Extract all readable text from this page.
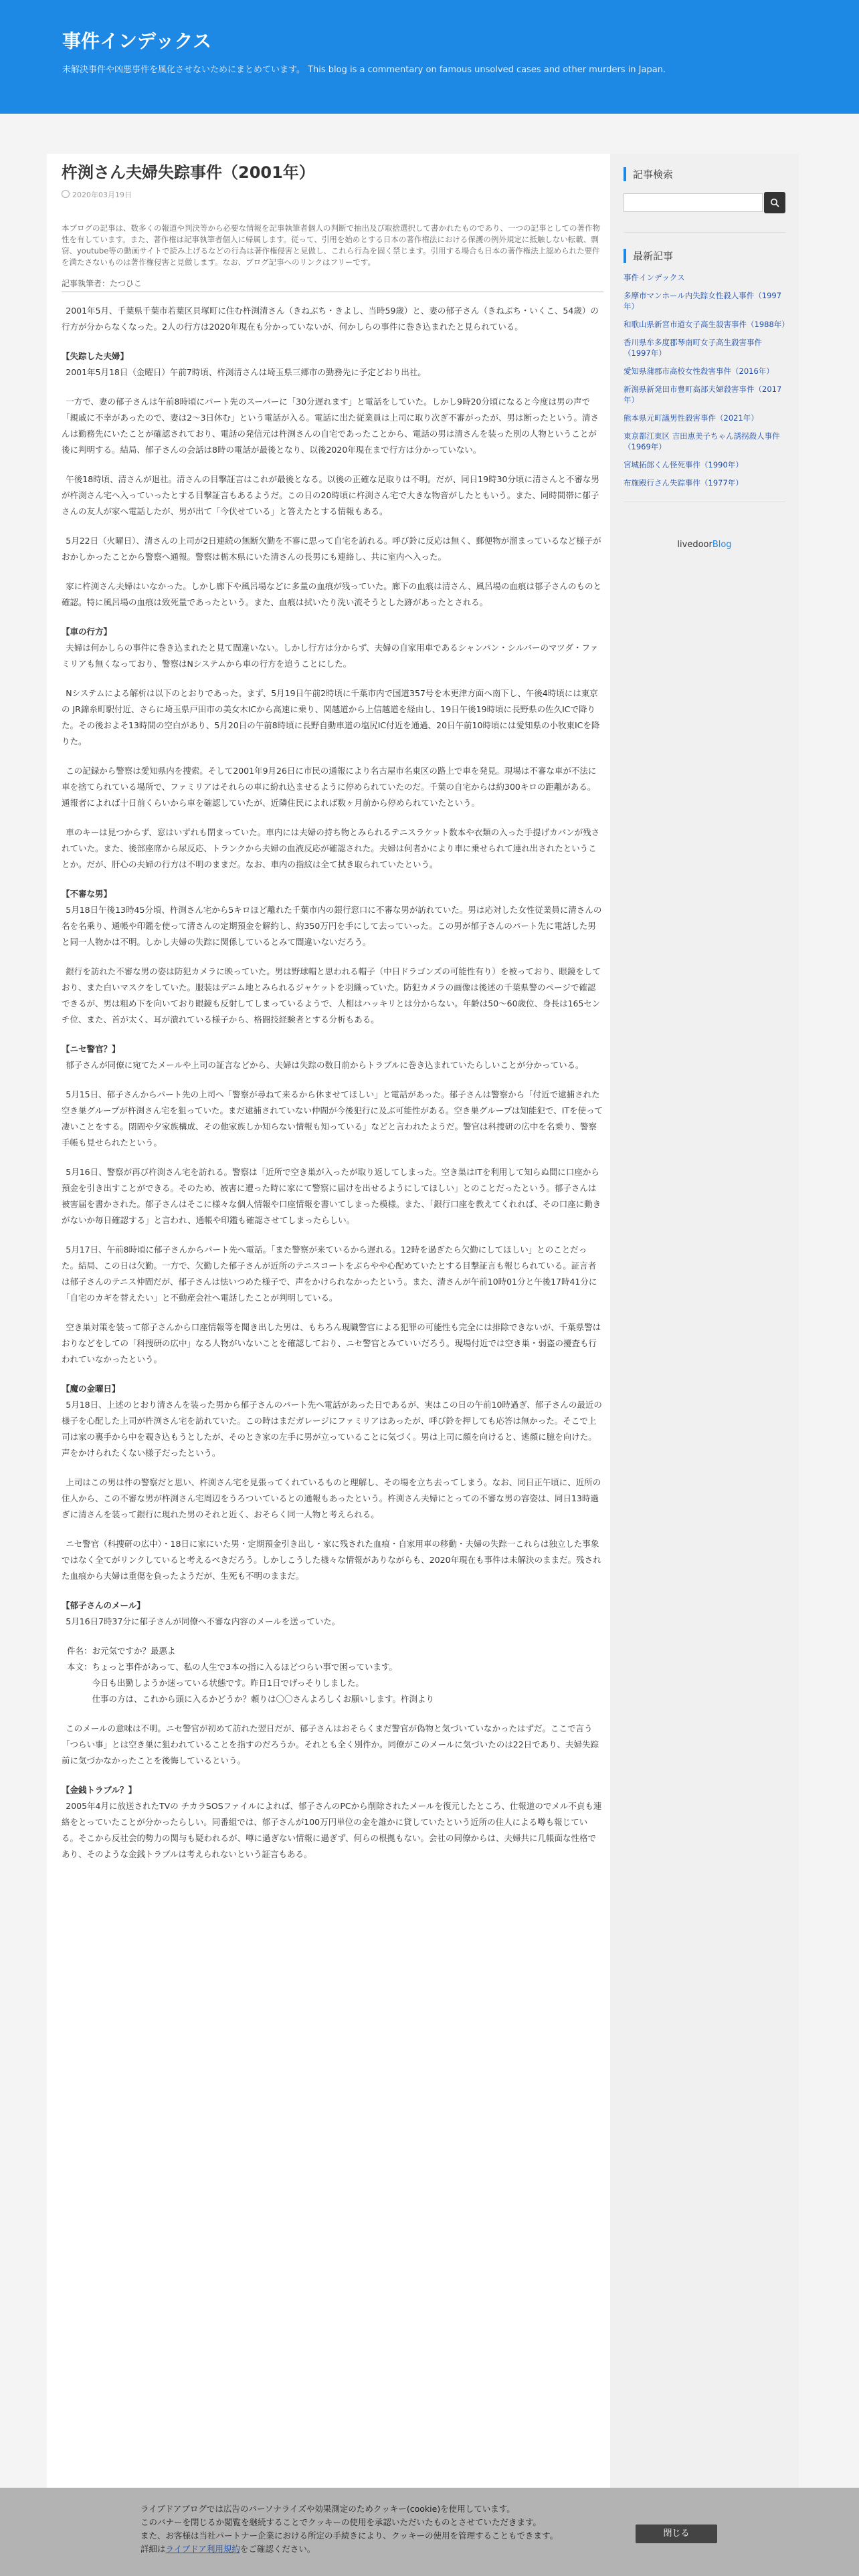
事件インデックス
未解決事件や凶悪事件を風化させないためにまとめています。 This blog is a commentary on famous unsolved cases and other murders in Japan.
杵渕さん夫婦失踪事件（2001年）
2020年03月19日
本ブログの記事は、数多くの報道や判決等から必要な情報を記事執筆者個人の判断で抽出及び取捨選択して書かれたものであり、一つの記事としての著作物性を有しています。また、著作権は記事執筆者個人に帰属します。従って、引用を始めとする日本の著作権法における保護の例外規定に抵触しない転載、剽窃、youtube等の動画サイトで読み上げるなどの行為は著作権侵害と見做し、これら行為を固く禁じます。引用する場合も日本の著作権法上認められた要件を満たさないものは著作権侵害と見做します。なお、ブログ記事へのリンクはフリーです。
記事執筆者：たつひこ

2001年5月、千葉県千葉市若葉区貝塚町に住む杵渕清さん（きねぶち・きよし、当時59歳）と、妻の郁子さん（きねぶち・いくこ、54歳）の行方が分からなくなった。2人の行方は2020年現在も分かっていないが、何かしらの事件に巻き込まれたと見られている。

【失踪した夫婦】

2001年5月18日（金曜日）午前7時頃、杵渕清さんは埼玉県三郷市の勤務先に予定どおり出社。

一方で、妻の郁子さんは午前8時頃にパート先のスーパーに「30分遅れます」と電話をしていた。しかし9時20分頃になると今度は男の声で「親戚に不幸があったので、妻は2〜3日休む」という電話が入る。電話に出た従業員は上司に取り次ぎ不審がったが、男は断ったという。清さんは勤務先にいたことが確認されており、電話の発信元は杵渕さんの自宅であったことから、電話の男は清さんを装った別の人物ということが後に判明する。結局、郁子さんの会話は8時の電話が最後となり、以後2020年現在まで行方は分かっていない。

午後18時頃、清さんが退社。清さんの目撃証言はこれが最後となる。以後の正確な足取りは不明。だが、同日19時30分頃に清さんと不審な男が杵渕さん宅へ入っていったとする目撃証言もあるようだ。この日の20時頃に杵渕さん宅で大きな物音がしたともいう。また、同時間帯に郁子さんの友人が家へ電話したが、男が出て「今伏せている」と答えたとする情報もある。

5月22日（火曜日）、清さんの上司が2日連続の無断欠勤を不審に思って自宅を訪れる。呼び鈴に反応は無く、郵便物が溜まっているなど様子がおかしかったことから警察へ通報。警察は栃木県にいた清さんの長男にも連絡し、共に室内へ入った。

家に杵渕さん夫婦はいなかった。しかし廊下や風呂場などに多量の血痕が残っていた。廊下の血痕は清さん、風呂場の血痕は郁子さんのものと確認。特に風呂場の血痕は致死量であったという。また、血痕は拭いたり洗い流そうとした跡があったとされる。

【車の行方】

夫婦は何かしらの事件に巻き込まれたと見て間違いない。しかし行方は分からず、夫婦の自家用車であるシャンパン・シルバーのマツダ・ファミリアも無くなっており、警察はNシステムから車の行方を追うことにした。

Nシステムによる解析は以下のとおりであった。まず、5月19日午前2時頃に千葉市内で国道357号を木更津方面へ南下し、午後4時頃には東京の JR錦糸町駅付近、さらに埼玉県戸田市の美女木ICから高速に乗り、関越道から上信越道を経由し、19日午後19時頃に長野県の佐久ICで降りた。その後およそ13時間の空白があり、5月20日の午前8時頃に長野自動車道の塩尻IC付近を通過、20日午前10時頃には愛知県の小牧東ICを降りた。

この記録から警察は愛知県内を捜索。そして2001年9月26日に市民の通報により名古屋市名東区の路上で車を発見。現場は不審な車が不法に車を捨てられている場所で、ファミリアはそれらの車に紛れ込ませるように停められていたのだ。千葉の自宅からは約300キロの距離がある。通報者によれば十日前くらいから車を確認していたが、近隣住民によれば数ヶ月前から停められていたという。

車のキーは見つからず、窓はいずれも閉まっていた。車内には夫婦の持ち物とみられるテニスラケット数本や衣類の入った手提げカバンが残されていた。また、後部座席から尿反応、トランクから夫婦の血液反応が確認された。夫婦は何者かにより車に乗せられて連れ出されたということか。だが、肝心の夫婦の行方は不明のままだ。なお、車内の指紋は全て拭き取られていたという。

【不審な男】

5月18日午後13時45分頃、杵渕さん宅から5キロほど離れた千葉市内の銀行窓口に不審な男が訪れていた。男は応対した女性従業員に清さんの名を名乗り、通帳や印鑑を使って清さんの定期預金を解約し、約350万円を手にして去っていった。この男が郁子さんのパート先に電話した男と同一人物かは不明。しかし夫婦の失踪に関係しているとみて間違いないだろう。

銀行を訪れた不審な男の姿は防犯カメラに映っていた。男は野球帽と思われる帽子（中日ドラゴンズの可能性有り）を被っており、眼鏡をしており、また白いマスクをしていた。服装はデニム地とみられるジャケットを羽織っていた。防犯カメラの画像は後述の千葉県警のページで確認できるが、男は粗め下を向いており眼鏡も反射してしまっているようで、人相はハッキリとは分からない。年齢は50〜60歳位、身長は165センチ位、また、首が太く、耳が潰れている様子から、格闘技経験者とする分析もある。

【ニセ警官？】

郁子さんが同僚に宛てたメールや上司の証言などから、夫婦は失踪の数日前からトラブルに巻き込まれていたらしいことが分かっている。

5月15日、郁子さんからパート先の上司へ「警察が尋ねて来るから休ませてほしい」と電話があった。郁子さんは警察から「付近で逮捕された空き巣グループが杵渕さん宅を狙っていた。まだ逮捕されていない仲間が今後犯行に及ぶ可能性がある。空き巣グループは知能犯で、ITを使って凄いことをする。閉間や夕家族構成、その他家族しか知らない情報も知っている」などと言われたようだ。警官は科捜研の広中を名乗り、警察手帳も見せられたという。

5月16日、警察が再び杵渕さん宅を訪れる。警察は「近所で空き巣が入ったが取り返してしまった。空き巣はITを利用して知らぬ間に口座から預金を引き出すことができる。そのため、被害に遭った時に家にて警察に届けを出せるようにしてほしい」とのことだったという。郁子さんは被害届を書かされた。郁子さんはそこに様々な個人情報や口座情報を書いてしまった模様。また、「銀行口座を教えてくれれば、その口座に動きがないか毎日確認する」と言われ、通帳や印鑑も確認させてしまったらしい。

5月17日、午前8時頃に郁子さんからパート先へ電話。「また警察が来ているから遅れる。12時を過ぎたら欠勤にしてほしい」とのことだった。結局、この日は欠勤。一方で、欠勤した郁子さんが近所のテニスコートをぶらやや心配めていたとする目撃証言も報じられている。証言者は郁子さんのテニス仲間だが、郁子さんは怯いつめた様子で、声をかけられなかったという。また、清さんが午前10時01分と午後17時41分に「自宅のカギを替えたい」と不動産会社へ電話したことが判明している。

空き巣対策を装って郁子さんから口座情報等を聞き出した男は、もちろん現職警官による犯罪の可能性も完全には排除できないが、千葉県警はおりなどをしての「科捜研の広中」なる人物がいないことを確認しており、ニセ警官とみていいだろう。現場付近では空き巣・弱盗の擾査も行われていなかったという。

【魔の金曜日】

5月18日、上述のとおり清さんを装った男から郁子さんのパート先へ電話があった日であるが、実はこの日の午前10時過ぎ、郁子さんの最近の様子を心配した上司が杵渕さん宅を訪れていた。この時はまだガレージにファミリアはあったが、呼び鈴を押しても応答は無かった。そこで上司は家の裏手から中を覗き込もうとしたが、そのとき家の左手に男が立っていることに気づく。男は上司に顔を向けると、逃顔に臆を向けた。声をかけられたくない様子だったという。

上司はこの男は件の警察だと思い、杵渕さん宅を見張ってくれているものと理解し、その場を立ち去ってしまう。なお、同日正午頃に、近所の住人から、この不審な男が杵渕さん宅周辺をうろついているとの通報もあったという。杵渕さん夫婦にとっての不審な男の容姿は、同日13時過ぎに清さんを装って銀行に現れた男のそれと近く、おそらく同一人物と考えられる。

ニセ警官（科捜研の広中）・18日に家にいた男・定期預金引き出し・家に残された血痕・自家用車の移動・夫婦の失踪一これらは独立した事象ではなく全てがリンクしていると考えるべきだろう。しかしこうした様々な情報がありながらも、2020年現在も事件は未解決のままだ。残された血痕から夫婦は重傷を負ったようだが、生死も不明のままだ。

【郁子さんのメール】

5月16日7時37分に郁子さんが同僚へ不審な内容のメールを送っていた。

件名：お元気ですか？最悪よ

本文：ちょっと事件があって、私の人生で3本の指に入るほどつらい事で困っています。

　　　今日も出勤しようか迷っている状態です。昨日1日でげっそりしました。

　　　仕事の方は、これから頭に入るかどうか？頼りは〇〇さんよろしくお願いします。杵渕より

このメールの意味は不明。ニセ警官が初めて訪れた翌日だが、郁子さんはおそらくまだ警官が偽物と気づいていなかったはずだ。ここで言う「つらい事」とは空き巣に狙われていることを指すのだろうか。それとも全く別件か。同僚がこのメールに気づいたのは22日であり、夫婦失踪前に気づかなかったことを後悔しているという。

【金銭トラブル？】

2005年4月に放送されたTVの チカラSOSファイルによれば、郁子さんのPCから削除されたメールを復元したところ、仕報道のでメル不貞も連絡をとっていたことが分かったらしい。同番組では、郁子さんが100万円単位の金を誰かに貸していたという近所の住人による噂も報じている。そこから反社会的勢力の関与も疑われるが、噂に過ぎない情報に過ぎず、何らの根拠もない。会社の同僚からは、夫婦共に几帳面な性格であり、そのような金銭トラブルは考えられないという証言もある。

記事検索
最新記事
事件インデックス
多摩市マンホール内失踪女性殺人事件（1997年）
和歌山県新宮市道女子高生殺害事件（1988年）
香川県牟多度郡琴南町女子高生殺害事件（1997年）
愛知県蒲郡市高校女性殺害事件（2016年）
新潟県新発田市豊町高部夫婦殺害事件（2017年）
熊本県元町議男性殺害事件（2021年）
東京都江東区 吉田恵美子ちゃん誘拐殺人事件（1969年）
宮城拓郎くん怪死事件（1990年）
布施殿行さん失踪事件（1977年）
livedoorBlog
ライブドアブログでは広告のパーソナライズや効果測定のためクッキー(cookie)を使用しています。
このバナーを閉じるか閲覧を継続することでクッキーの使用を承認いただいたものとさせていただきます。
また、お客様は当社パートナー企業における所定の手続きにより、クッキーの使用を管理することもできます。
詳細はライブドア利用規約をご確認ください。
閉じる
